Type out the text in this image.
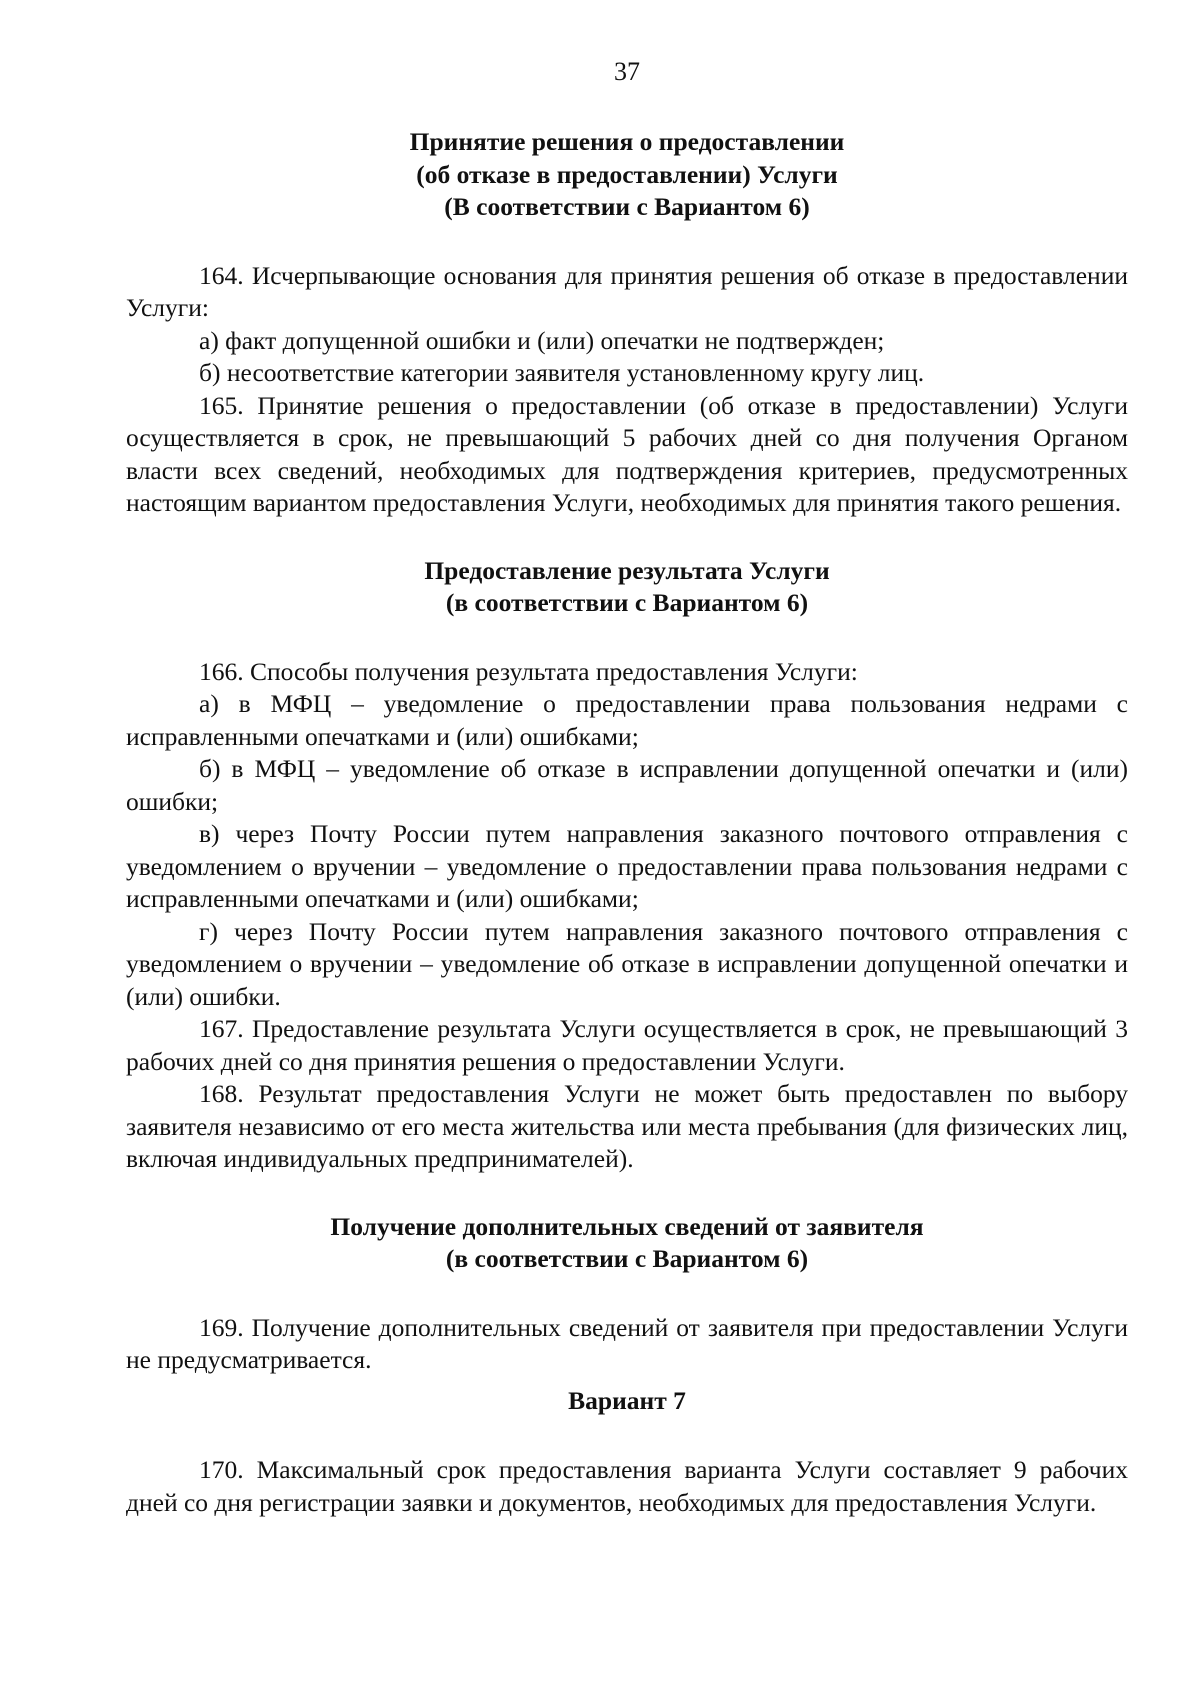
37
Принятие решения о предоставлении
(об отказе в предоставлении) Услуги
(В соответствии с Вариантом 6)

164. Исчерпывающие основания для принятия решения об отказе в предоставлении Услуги:

а) факт допущенной ошибки и (или) опечатки не подтвержден;

б) несоответствие категории заявителя установленному кругу лиц.

165. Принятие решения о предоставлении (об отказе в предоставлении) Услуги осуществляется в срок, не превышающий 5 рабочих дней со дня получения Органом власти всех сведений, необходимых для подтверждения критериев, предусмотренных настоящим вариантом предоставления Услуги, необходимых для принятия такого решения.

Предоставление результата Услуги
(в соответствии с Вариантом 6)

166. Способы получения результата предоставления Услуги:

а) в МФЦ – уведомление о предоставлении права пользования недрами с исправленными опечатками и (или) ошибками;

б) в МФЦ – уведомление об отказе в исправлении допущенной опечатки и (или) ошибки;

в) через Почту России путем направления заказного почтового отправления с уведомлением о вручении – уведомление о предоставлении права пользования недрами с исправленными опечатками и (или) ошибками;

г) через Почту России путем направления заказного почтового отправления с уведомлением о вручении – уведомление об отказе в исправлении допущенной опечатки и (или) ошибки.

167. Предоставление результата Услуги осуществляется в срок, не превышающий 3 рабочих дней со дня принятия решения о предоставлении Услуги.

168. Результат предоставления Услуги не может быть предоставлен по выбору заявителя независимо от его места жительства или места пребывания (для физических лиц, включая индивидуальных предпринимателей).

Получение дополнительных сведений от заявителя
(в соответствии с Вариантом 6)

169. Получение дополнительных сведений от заявителя при предоставлении Услуги не предусматривается.

Вариант 7

170. Максимальный срок предоставления варианта Услуги составляет 9 рабочих дней со дня регистрации заявки и документов, необходимых для предоставления Услуги.
